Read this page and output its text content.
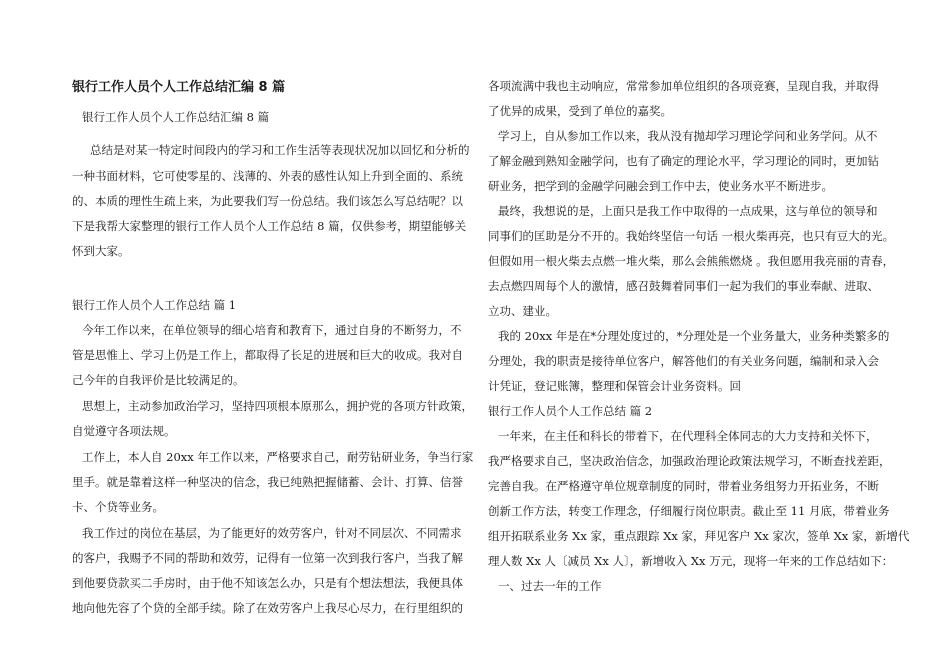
银行工作人员个人工作总结汇编 8 篇

银行工作人员个人工作总结汇编 8 篇

总结是对某一特定时间段内的学习和工作生活等表现状况加以回忆和分析的

一种书面材料，它可使零星的、浅薄的、外表的感性认知上升到全面的、系统

的、本质的理性生疏上来，为此要我们写一份总结。我们该怎么写总结呢？以

下是我帮大家整理的银行工作人员个人工作总结 8 篇，仅供参考，期望能够关

怀到大家。

银行工作人员个人工作总结 篇 1

今年工作以来，在单位领导的细心培育和教育下，通过自身的不断努力，不

管是思惟上、学习上仍是工作上，都取得了长足的进展和巨大的收成。我对自

己今年的自我评价是比较满足的。

思想上，主动参加政治学习，坚持四项根本原那么，拥护党的各项方针政策，

自觉遵守各项法规。

工作上，本人自 20xx 年工作以来，严格要求自己，耐劳钻研业务，争当行家

里手。就是靠着这样一种坚决的信念，我已纯熟把握储蓄、会计、打算、信誉

卡、个贷等业务。

我工作过的岗位在基层，为了能更好的效劳客户，针对不同层次、不同需求

的客户，我赐予不同的帮助和效劳，记得有一位第一次到我行客户，当我了解

到他要贷款买二手房时，由于他不知该怎么办，只是有个想法想法，我便具体

地向他先容了个贷的全部手续。除了在效劳客户上我尽心尽力，在行里组织的

各项流满中我也主动响应，常常参加单位组织的各项竞赛，呈现自我，并取得

了优异的成果，受到了单位的嘉奖。

学习上，自从参加工作以来，我从没有抛却学习理论学问和业务学问。从不

了解金融到熟知金融学问，也有了确定的理论水平，学习理论的同时，更加钻

研业务，把学到的金融学问融会到工作中去，使业务水平不断进步。

最终，我想说的是，上面只是我工作中取得的一点成果，这与单位的领导和

同事们的匡助是分不开的。我始终坚信一句话 一根火柴再亮，也只有豆大的光。

但假如用一根火柴去点燃一堆火柴，那么会熊熊燃烧 。我但愿用我亮丽的青春，

去点燃四周每个人的激情，感召鼓舞着同事们一起为我们的事业奉献、进取、

立功、建业。

我的 20xx 年是在*分理处度过的，*分理处是一个业务量大，业务种类繁多的

分理处，我的职责是接待单位客户，解答他们的有关业务问题，编制和录入会

计凭证，登记账簿，整理和保管会计业务资料。回

银行工作人员个人工作总结 篇 2

一年来，在主任和科长的带着下，在代理科全体同志的大力支持和关怀下，

我严格要求自己，坚决政治信念，加强政治理论政策法规学习，不断查找差距，

完善自我。在严格遵守单位规章制度的同时，带着业务组努力开拓业务，不断

创新工作方法，转变工作理念，仔细履行岗位职责。截止至 11 月底，带着业务

组开拓联系业务 Xx 家，重点跟踪 Xx 家，拜见客户 Xx 家次，签单 Xx 家，新增代

理人数 Xx 人〔减员 Xx 人〕，新增收入 Xx 万元，现将一年来的工作总结如下：

一、过去一年的工作
